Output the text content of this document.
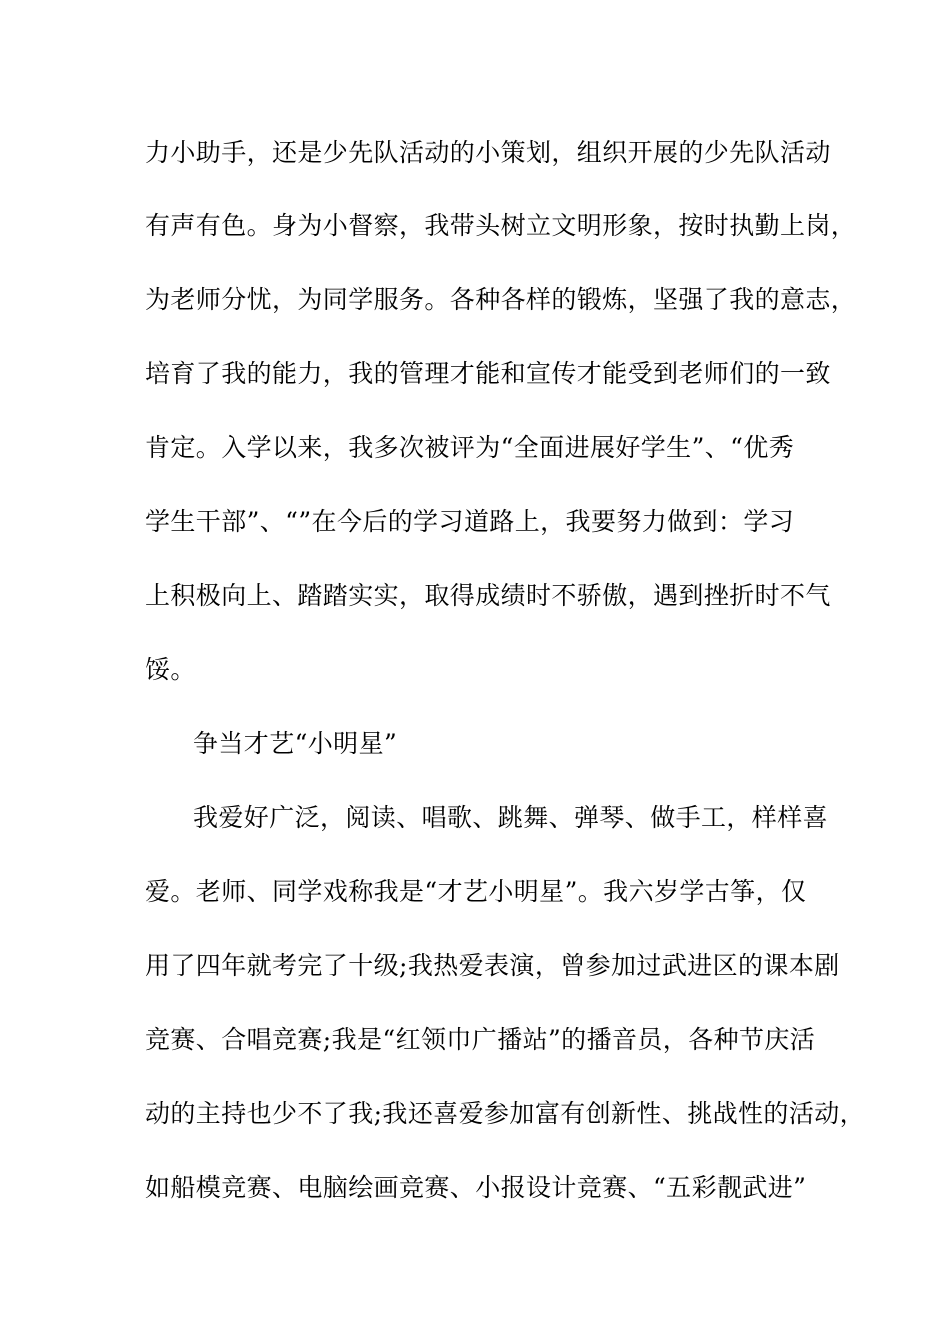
力小助手，还是少先队活动的小策划，组织开展的少先队活动
有声有色。身为小督察，我带头树立文明形象，按时执勤上岗，
为老师分忧，为同学服务。各种各样的锻炼，坚强了我的意志，
培育了我的能力，我的管理才能和宣传才能受到老师们的一致
肯定。入学以来，我多次被评为“全面进展好学生”、“优秀
学生干部”、“”在今后的学习道路上，我要努力做到：学习
上积极向上、踏踏实实，取得成绩时不骄傲，遇到挫折时不气
馁。
争当才艺“小明星”
我爱好广泛，阅读、唱歌、跳舞、弹琴、做手工，样样喜
爱。老师、同学戏称我是“才艺小明星”。我六岁学古筝，仅
用了四年就考完了十级;我热爱表演，曾参加过武进区的课本剧
竞赛、合唱竞赛;我是“红领巾广播站”的播音员，各种节庆活
动的主持也少不了我;我还喜爱参加富有创新性、挑战性的活动，
如船模竞赛、电脑绘画竞赛、小报设计竞赛、“五彩靓武进”
